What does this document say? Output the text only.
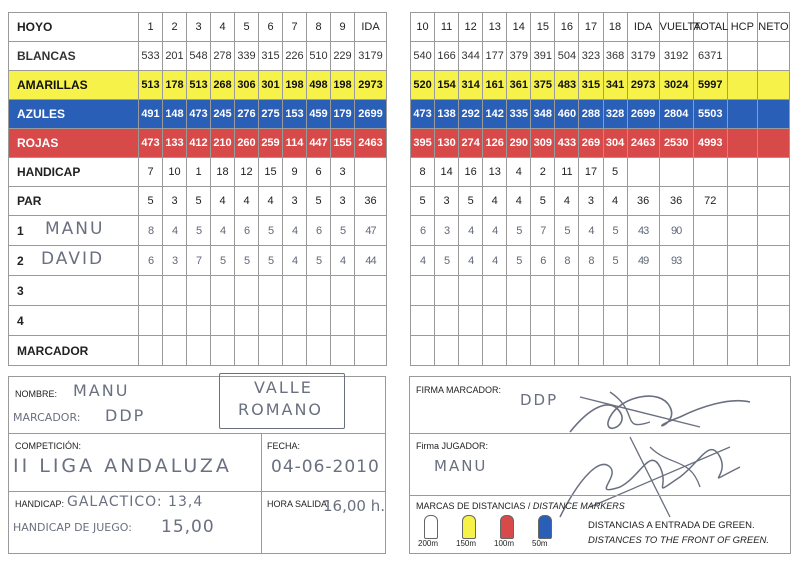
HOYO	1	2	3	4	5	6	7	8	9	IDA
BLANCAS	533	201	548	278	339	315	226	510	229	3179
AMARILLAS	513	178	513	268	306	301	198	498	198	2973
AZULES	491	148	473	245	276	275	153	459	179	2699
ROJAS	473	133	412	210	260	259	114	447	155	2463
HANDICAP	7	10	1	18	12	15	9	6	3	
PAR	5	3	5	4	4	4	3	5	3	36
1 MANU	8	4	5	4	6	5	4	6	5	47
2 DAVID	6	3	7	5	5	5	4	5	4	44
3										
4										
MARCADOR										
10	11	12	13	14	15	16	17	18	IDA	VUELTA	TOTAL	HCP	NETO
540	166	344	177	379	391	504	323	368	3179	3192	6371		
520	154	314	161	361	375	483	315	341	2973	3024	5997		
473	138	292	142	335	348	460	288	328	2699	2804	5503		
395	130	274	126	290	309	433	269	304	2463	2530	4993		
8	14	16	13	4	2	11	17	5					
5	3	5	4	4	5	4	3	4	36	36	72		
6	3	4	4	5	7	5	4	5	43	90			
4	5	4	4	5	6	8	8	5	49	93			

NOMBRE: MANU
MARCADOR: DDP
VALLE
ROMANO
COMPETICIÓN:
II LIGA ANDALUZA
FECHA:
04-06-2010
HANDICAP: GALACTICO: 13,4
HANDICAP DE JUEGO: 15,00
HORA SALIDA:
16,00 h.
FIRMA MARCADOR:
DDP
Firma JUGADOR:
MANU
MARCAS DE DISTANCIAS / DISTANCE MARKERS
200m 150m 100m 50m
DISTANCIAS A ENTRADA DE GREEN.
DISTANCES TO THE FRONT OF GREEN.
